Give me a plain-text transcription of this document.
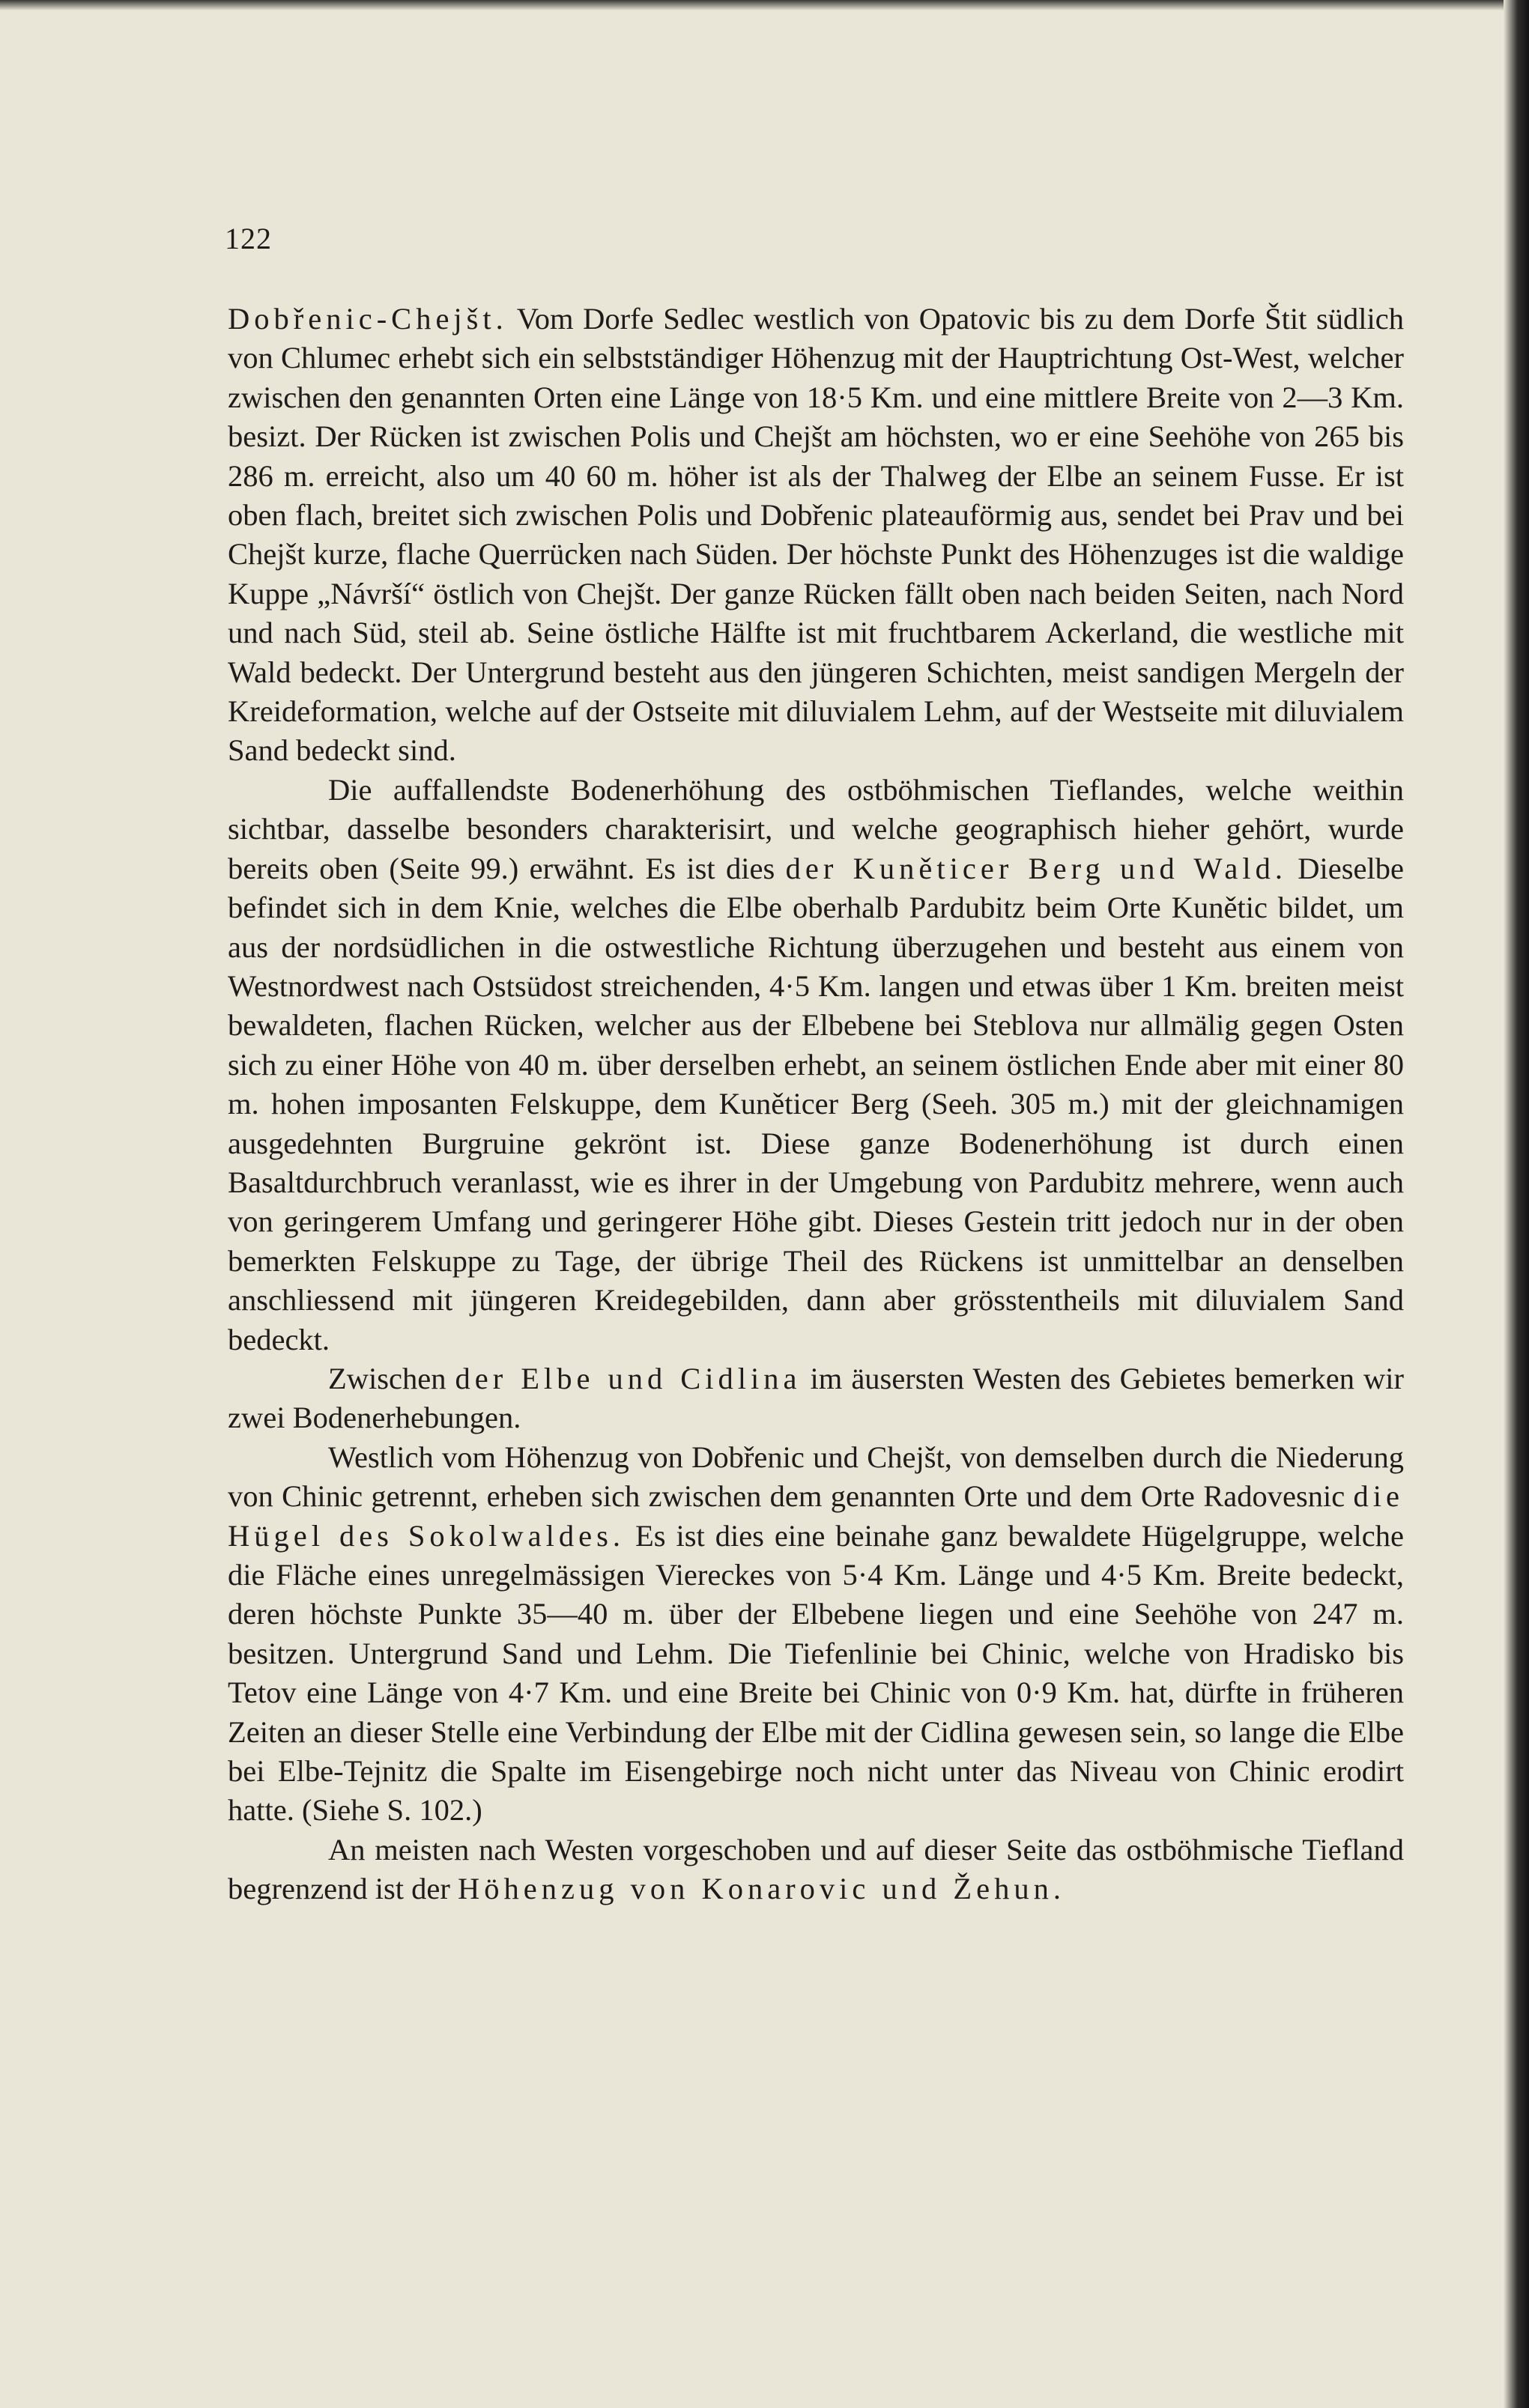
122

Dobřenic-Chejšt. Vom Dorfe Sedlec westlich von Opatovic bis zu dem Dorfe Štit südlich von Chlumec erhebt sich ein selbstständiger Höhenzug mit der Hauptrichtung Ost-West, welcher zwischen den genannten Orten eine Länge von 18·5 Km. und eine mittlere Breite von 2—3 Km. besizt. Der Rücken ist zwischen Polis und Chejšt am höchsten, wo er eine Seehöhe von 265 bis 286 m. erreicht, also um 40 60 m. höher ist als der Thalweg der Elbe an seinem Fusse. Er ist oben flach, breitet sich zwischen Polis und Dobřenic plateauförmig aus, sendet bei Prav und bei Chejšt kurze, flache Querrücken nach Süden. Der höchste Punkt des Höhenzuges ist die waldige Kuppe „Návrší“ östlich von Chejšt. Der ganze Rücken fällt oben nach beiden Seiten, nach Nord und nach Süd, steil ab. Seine östliche Hälfte ist mit fruchtbarem Ackerland, die westliche mit Wald bedeckt. Der Untergrund besteht aus den jüngeren Schichten, meist sandigen Mergeln der Kreideformation, welche auf der Ostseite mit diluvialem Lehm, auf der Westseite mit diluvialem Sand bedeckt sind.

Die auffallendste Bodenerhöhung des ostböhmischen Tieflandes, welche weithin sichtbar, dasselbe besonders charakterisirt, und welche geographisch hieher gehört, wurde bereits oben (Seite 99.) erwähnt. Es ist dies der Kuněticer Berg und Wald. Dieselbe befindet sich in dem Knie, welches die Elbe oberhalb Pardubitz beim Orte Kunětic bildet, um aus der nordsüdlichen in die ostwestliche Richtung überzugehen und besteht aus einem von Westnordwest nach Ostsüdost streichenden, 4·5 Km. langen und etwas über 1 Km. breiten meist bewaldeten, flachen Rücken, welcher aus der Elbebene bei Steblova nur allmälig gegen Osten sich zu einer Höhe von 40 m. über derselben erhebt, an seinem östlichen Ende aber mit einer 80 m. hohen imposanten Felskuppe, dem Kuněticer Berg (Seeh. 305 m.) mit der gleichnamigen ausgedehnten Burgruine gekrönt ist. Diese ganze Bodenerhöhung ist durch einen Basaltdurchbruch veranlasst, wie es ihrer in der Umgebung von Pardubitz mehrere, wenn auch von geringerem Umfang und geringerer Höhe gibt. Dieses Gestein tritt jedoch nur in der oben bemerkten Felskuppe zu Tage, der übrige Theil des Rückens ist unmittelbar an denselben anschliessend mit jüngeren Kreidegebilden, dann aber grösstentheils mit diluvialem Sand bedeckt.

Zwischen der Elbe und Cidlina im äusersten Westen des Gebietes bemerken wir zwei Bodenerhebungen.

Westlich vom Höhenzug von Dobřenic und Chejšt, von demselben durch die Niederung von Chinic getrennt, erheben sich zwischen dem genannten Orte und dem Orte Radovesnic die Hügel des Sokolwaldes. Es ist dies eine beinahe ganz bewaldete Hügelgruppe, welche die Fläche eines unregelmässigen Viereckes von 5·4 Km. Länge und 4·5 Km. Breite bedeckt, deren höchste Punkte 35—40 m. über der Elbebene liegen und eine Seehöhe von 247 m. besitzen. Untergrund Sand und Lehm. Die Tiefenlinie bei Chinic, welche von Hradisko bis Tetov eine Länge von 4·7 Km. und eine Breite bei Chinic von 0·9 Km. hat, dürfte in früheren Zeiten an dieser Stelle eine Verbindung der Elbe mit der Cidlina gewesen sein, so lange die Elbe bei Elbe-Tejnitz die Spalte im Eisengebirge noch nicht unter das Niveau von Chinic erodirt hatte. (Siehe S. 102.)

An meisten nach Westen vorgeschoben und auf dieser Seite das ostböhmische Tiefland begrenzend ist der Höhenzug von Konarovic und Žehun.
